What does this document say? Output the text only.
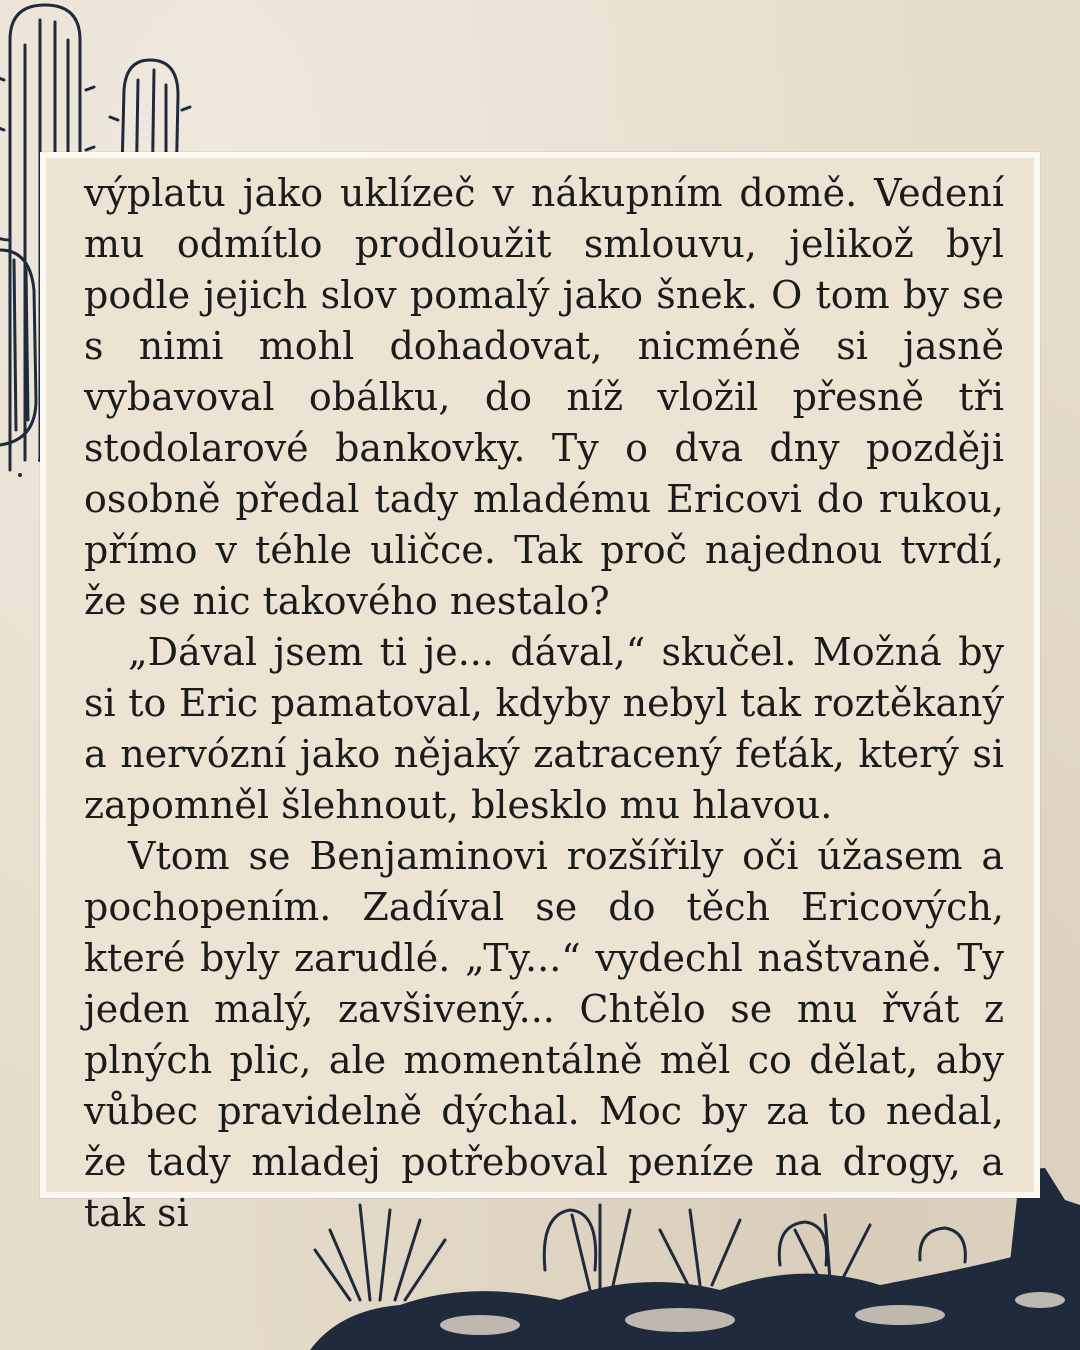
výplatu jako uklízeč v nákupním domě. Vedení mu odmítlo prodloužit smlouvu, jelikož byl podle jejich slov pomalý jako šnek. O tom by se s nimi mohl dohadovat, nicméně si jasně vybavoval obálku, do níž vložil přesně tři stodolarové bankovky. Ty o dva dny později osobně předal tady mladému Ericovi do rukou, přímo v téhle uličce. Tak proč najednou tvrdí, že se nic takového nestalo?

„Dával jsem ti je... dával,“ skučel. Možná by si to Eric pamatoval, kdyby nebyl tak roztěkaný a nervózní jako nějaký zatracený feťák, který si zapomněl šlehnout, blesklo mu hlavou.

Vtom se Benjaminovi rozšířily oči úžasem a pochopením. Zadíval se do těch Ericových, které byly zarudlé. „Ty...“ vydechl naštvaně. Ty jeden malý, zavšivený... Chtělo se mu řvát z plných plic, ale momentálně měl co dělat, aby vůbec pravidelně dýchal. Moc by za to nedal, že tady mladej potřeboval peníze na drogy, a tak si
